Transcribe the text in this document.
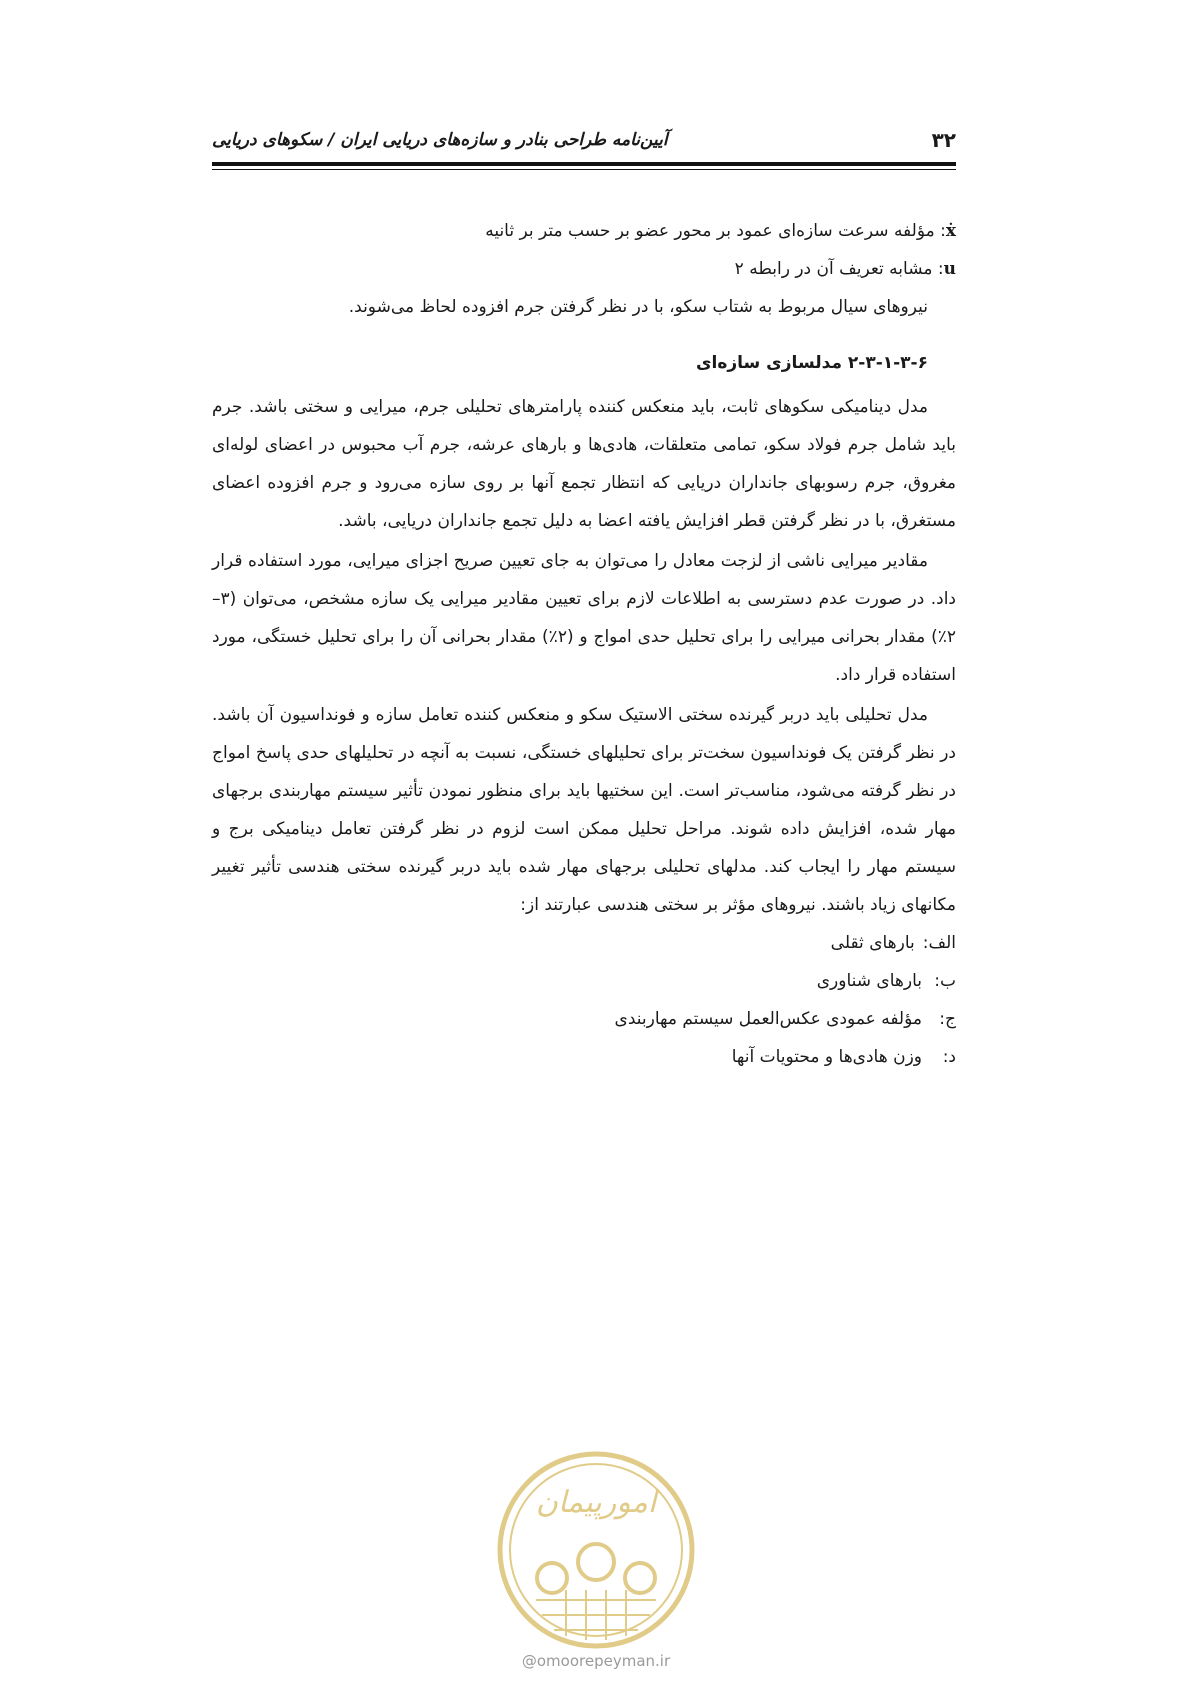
۳۲
آیین‌نامه طراحی بنادر و سازه‌های دریایی ایران / سکوهای دریایی

ẋ: مؤلفه سرعت سازه‌ای عمود بر محور عضو بر حسب متر بر ثانیه

u: مشابه تعریف آن در رابطه ۲

نیروهای سیال مربوط به شتاب سکو، با در نظر گرفتن جرم افزوده لحاظ می‌شوند.

۲-۳-۱-۳-۶ مدلسازی سازه‌ای

مدل دینامیکی سکوهای ثابت، باید منعکس کننده پارامترهای تحلیلی جرم، میرایی و سختی باشد. جرم باید شامل جرم فولاد سکو، تمامی متعلقات، هادی‌ها و بارهای عرشه، جرم آب محبوس در اعضای لوله‌ای مغروق، جرم رسوبهای جانداران دریایی که انتظار تجمع آنها بر روی سازه می‌رود و جرم افزوده اعضای مستغرق، با در نظر گرفتن قطر افزایش یافته اعضا به دلیل تجمع جانداران دریایی، باشد.

مقادیر میرایی ناشی از لزجت معادل را می‌توان به جای تعیین صریح اجزای میرایی، مورد استفاده قرار داد. در صورت عدم دسترسی به اطلاعات لازم برای تعیین مقادیر میرایی یک سازه مشخص، می‌توان (۳–۲٪) مقدار بحرانی میرایی را برای تحلیل حدی امواج و (۲٪) مقدار بحرانی آن را برای تحلیل خستگی، مورد استفاده قرار داد.

مدل تحلیلی باید دربر گیرنده سختی الاستیک سکو و منعکس کننده تعامل سازه و فونداسیون آن باشد. در نظر گرفتن یک فونداسیون سخت‌تر برای تحلیلهای خستگی، نسبت به آنچه در تحلیلهای حدی پاسخ امواج در نظر گرفته می‌شود، مناسب‌تر است. این سختیها باید برای منظور نمودن تأثیر سیستم مهاربندی برجهای مهار شده، افزایش داده شوند. مراحل تحلیل ممکن است لزوم در نظر گرفتن تعامل دینامیکی برج و سیستم مهار را ایجاب کند. مدلهای تحلیلی برجهای مهار شده باید دربر گیرنده سختی هندسی تأثیر تغییر مکانهای زیاد باشند. نیروهای مؤثر بر سختی هندسی عبارتند از:

الف:بارهای ثقلی
ب:بارهای شناوری
ج:مؤلفه عمودی عکس‌العمل سیستم مهاربندی
د:وزن هادی‌ها و محتویات آنها
امورپیمان
@omoorepeyman.ir
